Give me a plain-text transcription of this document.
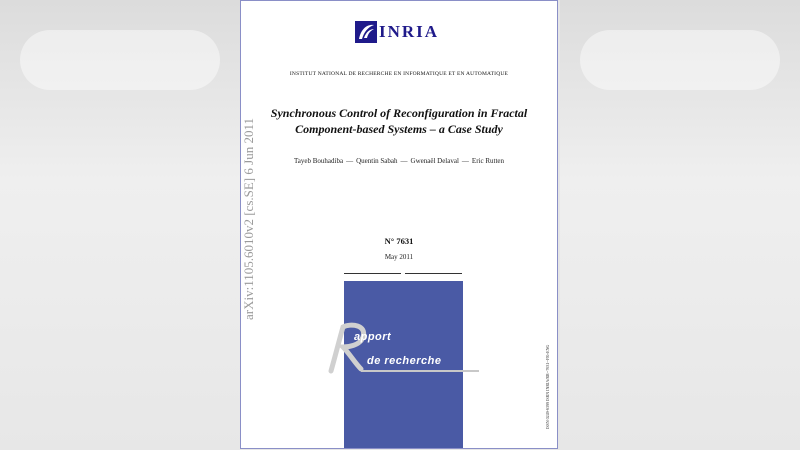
INRIA
INSTITUT NATIONAL DE RECHERCHE EN INFORMATIQUE ET EN AUTOMATIQUE
Synchronous Control of Reconfiguration in Fractal
Component-based Systems – a Case Study
Tayeb Bouhadiba — Quentin Sabah — Gwenaël Delaval — Eric Rutten
N° 7631
May 2011
apport
de recherche	ISSN 0249-6399 ISRN INRIA/RR--7631--FR+ENG
arXiv:1105.6010v2 [cs.SE] 6 Jun 2011
